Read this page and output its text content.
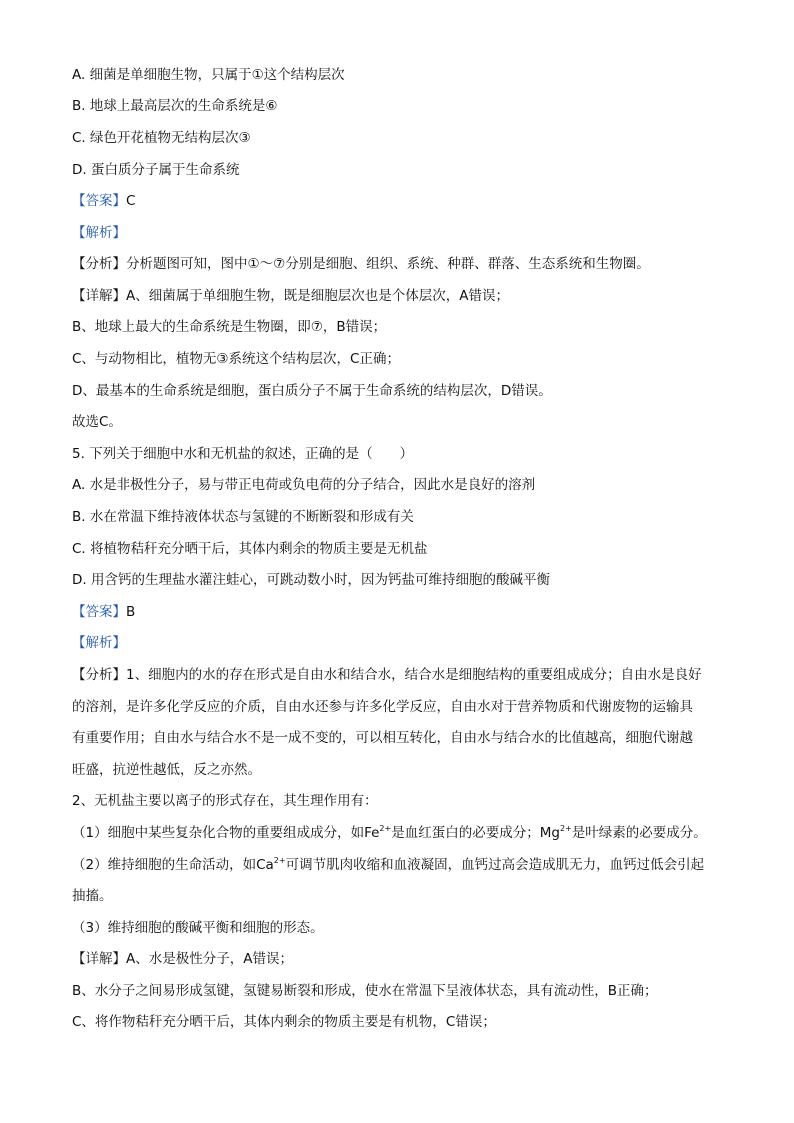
A. 细菌是单细胞生物，只属于①这个结构层次
B. 地球上最高层次的生命系统是⑥
C. 绿色开花植物无结构层次③
D. 蛋白质分子属于生命系统
【答案】C
【解析】
【分析】分析题图可知，图中①～⑦分别是细胞、组织、系统、种群、群落、生态系统和生物圈。
【详解】A、细菌属于单细胞生物，既是细胞层次也是个体层次，A错误；
B、地球上最大的生命系统是生物圈，即⑦，B错误；
C、与动物相比，植物无③系统这个结构层次，C正确；
D、最基本的生命系统是细胞，蛋白质分子不属于生命系统的结构层次，D错误。
故选C。
5. 下列关于细胞中水和无机盐的叙述，正确的是（　　）
A. 水是非极性分子，易与带正电荷或负电荷的分子结合，因此水是良好的溶剂
B. 水在常温下维持液体状态与氢键的不断断裂和形成有关
C. 将植物秸秆充分晒干后，其体内剩余的物质主要是无机盐
D. 用含钙的生理盐水灌注蛙心，可跳动数小时，因为钙盐可维持细胞的酸碱平衡
【答案】B
【解析】
【分析】1、细胞内的水的存在形式是自由水和结合水，结合水是细胞结构的重要组成成分；自由水是良好
的溶剂，是许多化学反应的介质，自由水还参与许多化学反应，自由水对于营养物质和代谢废物的运输具
有重要作用；自由水与结合水不是一成不变的，可以相互转化，自由水与结合水的比值越高，细胞代谢越
旺盛，抗逆性越低，反之亦然。
2、无机盐主要以离子的形式存在，其生理作用有：
（1）细胞中某些复杂化合物的重要组成成分，如$Fe^{2+}$是血红蛋白的必要成分；$Mg^{2+}$是叶绿素的必要成分。
（2）维持细胞的生命活动，如$Ca^{2+}$可调节肌肉收缩和血液凝固，血钙过高会造成肌无力，血钙过低会引起
抽搐。
（3）维持细胞的酸碱平衡和细胞的形态。
【详解】A、水是极性分子，A错误；
B、水分子之间易形成氢键，氢键易断裂和形成，使水在常温下呈液体状态，具有流动性，B正确；
C、将作物秸秆充分晒干后，其体内剩余的物质主要是有机物，C错误；
